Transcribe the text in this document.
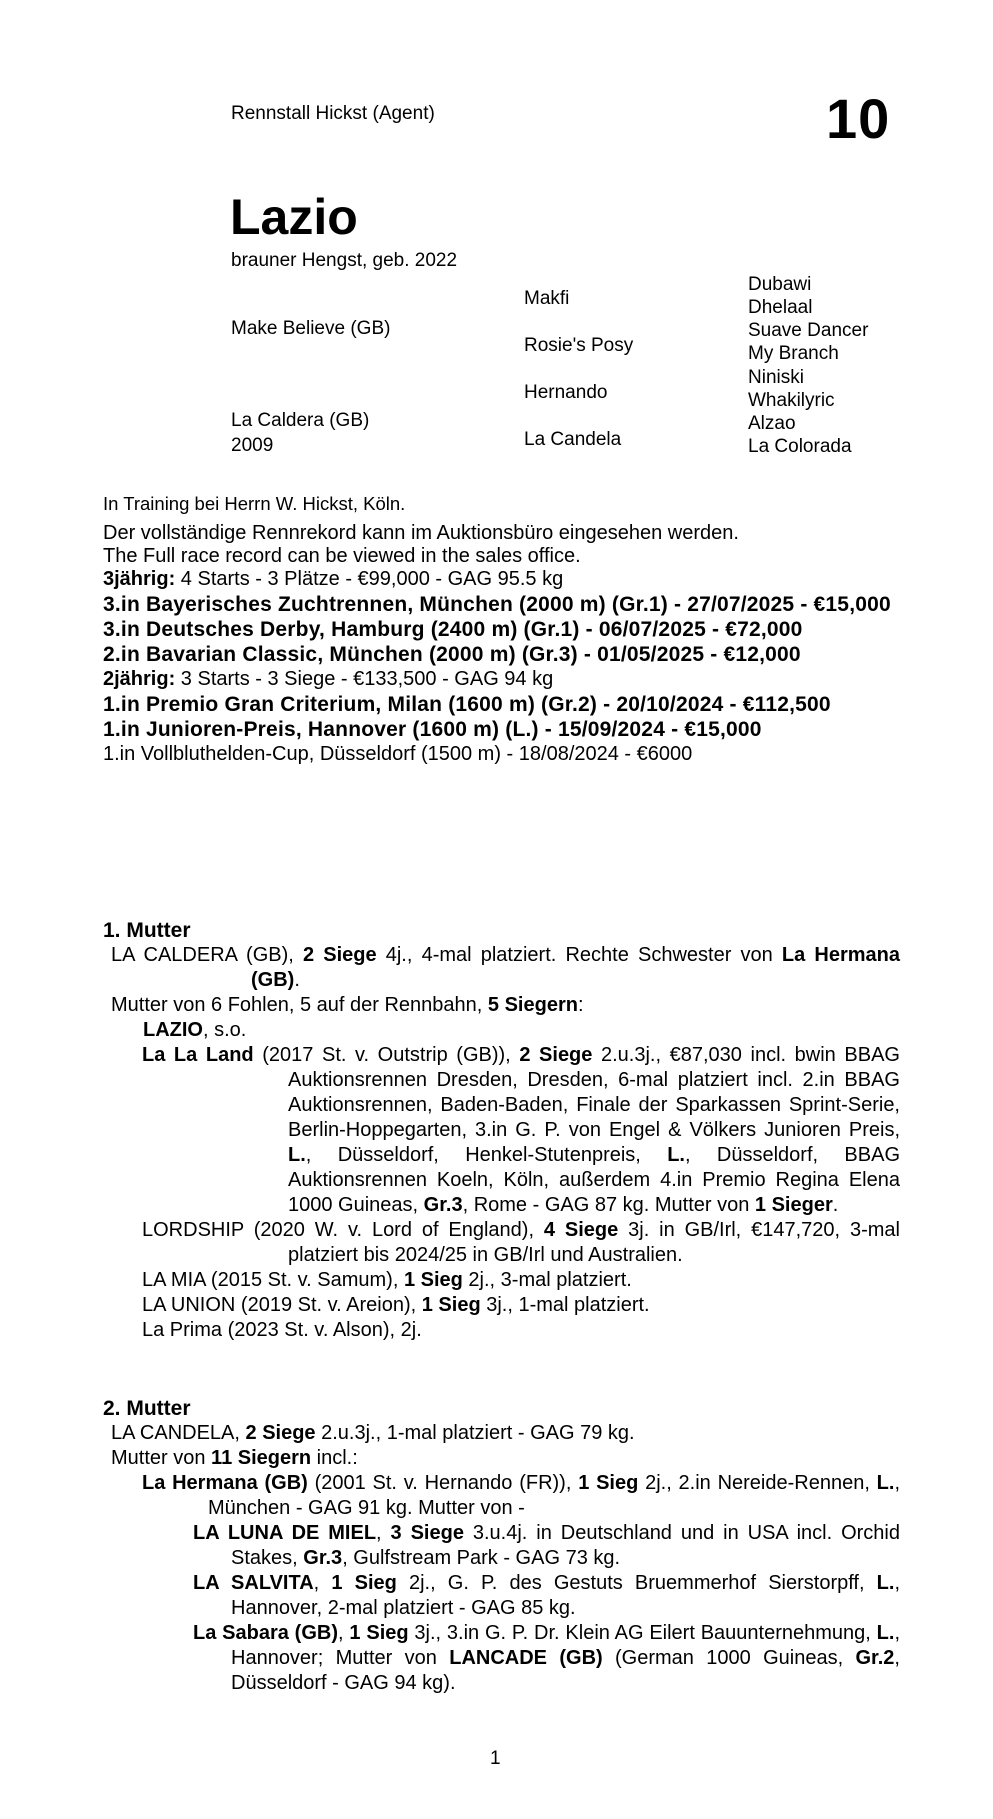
Rennstall Hickst (Agent)	10
Lazio
brauner Hengst, geb. 2022
Make Believe (GB)
La Caldera (GB)
2009
Makfi
Rosie's Posy
Hernando
La Candela
Dubawi
Dhelaal
Suave Dancer
My Branch
Niniski
Whakilyric
Alzao
La Colorada
In Training bei Herrn W. Hickst, Köln.
Der vollständige Rennrekord kann im Auktionsbüro eingesehen werden.
The Full race record can be viewed in the sales office.
3jährig: 4 Starts - 3 Plätze - €99,000 - GAG 95.5 kg
3.in Bayerisches Zuchtrennen, München (2000 m) (Gr.1) - 27/07/2025 - €15,000
3.in Deutsches Derby, Hamburg (2400 m) (Gr.1) - 06/07/2025 - €72,000
2.in Bavarian Classic, München (2000 m) (Gr.3) - 01/05/2025 - €12,000
2jährig: 3 Starts - 3 Siege - €133,500 - GAG 94 kg
1.in Premio Gran Criterium, Milan (1600 m) (Gr.2) - 20/10/2024 - €112,500
1.in Junioren-Preis, Hannover (1600 m) (L.) - 15/09/2024 - €15,000
1.in Vollbluthelden-Cup, Düsseldorf (1500 m) - 18/08/2024 - €6000
1. Mutter
LA CALDERA (GB), 2 Siege 4j., 4-mal platziert. Rechte Schwester von La Hermana (GB).
Mutter von 6 Fohlen, 5 auf der Rennbahn, 5 Siegern:
LAZIO, s.o.
La La Land (2017 St. v. Outstrip (GB)), 2 Siege 2.u.3j., €87,030 incl. bwin BBAG Auktionsrennen Dresden, Dresden, 6-mal platziert incl. 2.in BBAG Auktionsrennen, Baden-Baden, Finale der Sparkassen Sprint-Serie, Berlin-Hoppegarten, 3.in G. P. von Engel & Völkers Junioren Preis, L., Düsseldorf, Henkel-Stutenpreis, L., Düsseldorf, BBAG Auktionsrennen Koeln, Köln, außerdem 4.in Premio Regina Elena 1000 Guineas, Gr.3, Rome - GAG 87 kg. Mutter von 1 Sieger.
LORDSHIP (2020 W. v. Lord of England), 4 Siege 3j. in GB/Irl, €147,720, 3-mal platziert bis 2024/25 in GB/Irl und Australien.
LA MIA (2015 St. v. Samum), 1 Sieg 2j., 3-mal platziert.
LA UNION (2019 St. v. Areion), 1 Sieg 3j., 1-mal platziert.
La Prima (2023 St. v. Alson), 2j.
2. Mutter
LA CANDELA, 2 Siege 2.u.3j., 1-mal platziert - GAG 79 kg.
Mutter von 11 Siegern incl.:
La Hermana (GB) (2001 St. v. Hernando (FR)), 1 Sieg 2j., 2.in Nereide-Rennen, L., München - GAG 91 kg. Mutter von -
LA LUNA DE MIEL, 3 Siege 3.u.4j. in Deutschland und in USA incl. Orchid Stakes, Gr.3, Gulfstream Park - GAG 73 kg.
LA SALVITA, 1 Sieg 2j., G. P. des Gestuts Bruemmerhof Sierstorpff, L., Hannover, 2-mal platziert - GAG 85 kg.
La Sabara (GB), 1 Sieg 3j., 3.in G. P. Dr. Klein AG Eilert Bauunternehmung, L., Hannover; Mutter von LANCADE (GB) (German 1000 Guineas, Gr.2, Düsseldorf - GAG 94 kg).
1
